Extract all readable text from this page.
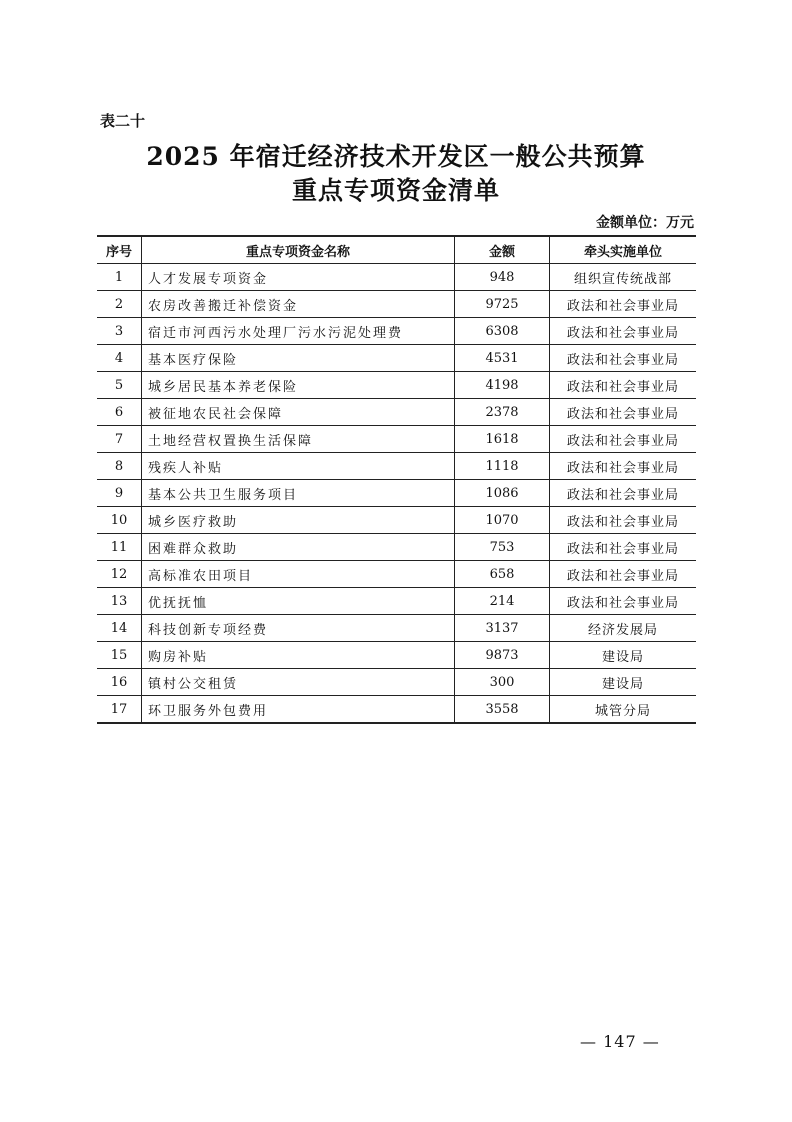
表二十
2025 年宿迁经济技术开发区一般公共预算
重点专项资金清单
金额单位：万元
序号	重点专项资金名称	金额	牵头实施单位
1	人才发展专项资金	948	组织宣传统战部
2	农房改善搬迁补偿资金	9725	政法和社会事业局
3	宿迁市河西污水处理厂污水污泥处理费	6308	政法和社会事业局
4	基本医疗保险	4531	政法和社会事业局
5	城乡居民基本养老保险	4198	政法和社会事业局
6	被征地农民社会保障	2378	政法和社会事业局
7	土地经营权置换生活保障	1618	政法和社会事业局
8	残疾人补贴	1118	政法和社会事业局
9	基本公共卫生服务项目	1086	政法和社会事业局
10	城乡医疗救助	1070	政法和社会事业局
11	困难群众救助	753	政法和社会事业局
12	高标准农田项目	658	政法和社会事业局
13	优抚抚恤	214	政法和社会事业局
14	科技创新专项经费	3137	经济发展局
15	购房补贴	9873	建设局
16	镇村公交租赁	300	建设局
17	环卫服务外包费用	3558	城管分局
— 147 —
